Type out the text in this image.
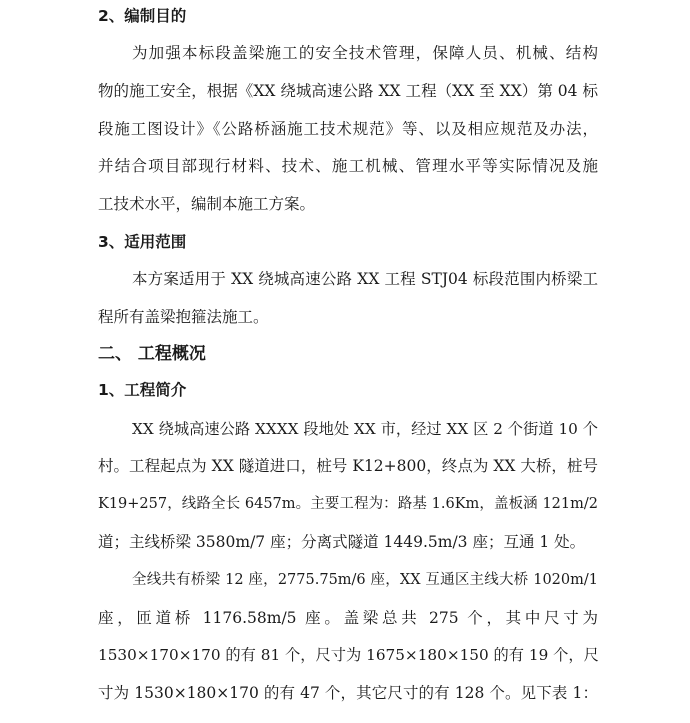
2、编制目的
为加强本标段盖梁施工的安全技术管理，保障人员、机械、结构
物的施工安全，根据《XX 绕城高速公路 XX 工程（XX 至 XX）第 04 标
段施工图设计》《公路桥涵施工技术规范》等、以及相应规范及办法，
并结合项目部现行材料、技术、施工机械、管理水平等实际情况及施
工技术水平，编制本施工方案。
3、适用范围
本方案适用于 XX 绕城高速公路 XX 工程 STJ04 标段范围内桥梁工
程所有盖梁抱箍法施工。
二、 工程概况
1、工程简介
XX 绕城高速公路 XXXX 段地处 XX 市，经过 XX 区 2 个街道 10 个
村。工程起点为 XX 隧道进口，桩号 K12+800，终点为 XX 大桥，桩号
K19+257，线路全长 6457m。主要工程为：路基 1.6Km，盖板涵 121m/2
道；主线桥梁 3580m/7 座；分离式隧道 1449.5m/3 座；互通 1 处。
全线共有桥梁 12 座，2775.75m/6 座，XX 互通区主线大桥 1020m/1
座，匝道桥 1176.58m/5 座。盖梁总共 275 个，其中尺寸为
1530×170×170 的有 81 个，尺寸为 1675×180×150 的有 19 个，尺
寸为 1530×180×170 的有 47 个，其它尺寸的有 128 个。见下表 1：
